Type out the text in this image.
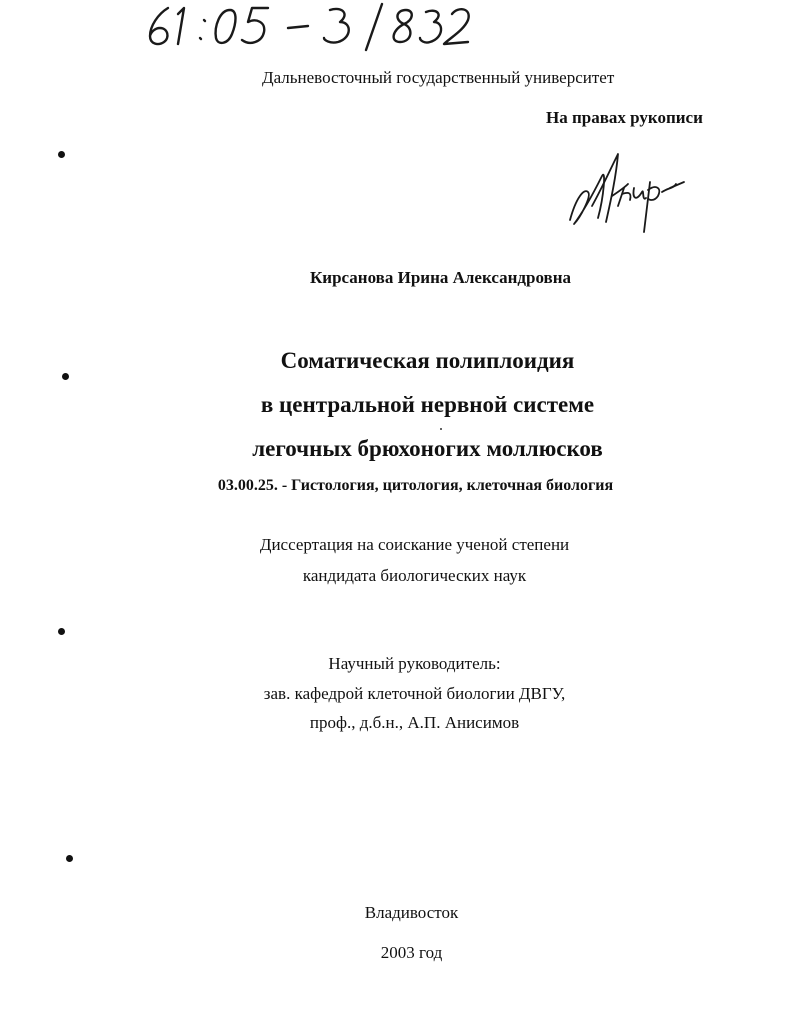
Дальневосточный государственный университет
На правах рукописи
Кирсанова Ирина Александровна
Соматическая полиплоидия
в центральной нервной системе
легочных брюхоногих моллюсков
03.00.25. - Гистология, цитология, клеточная биология
Диссертация на соискание ученой степени
кандидата биологических наук
Научный руководитель:
зав. кафедрой клеточной биологии ДВГУ,
проф., д.б.н., А.П. Анисимов
Владивосток
2003 год
